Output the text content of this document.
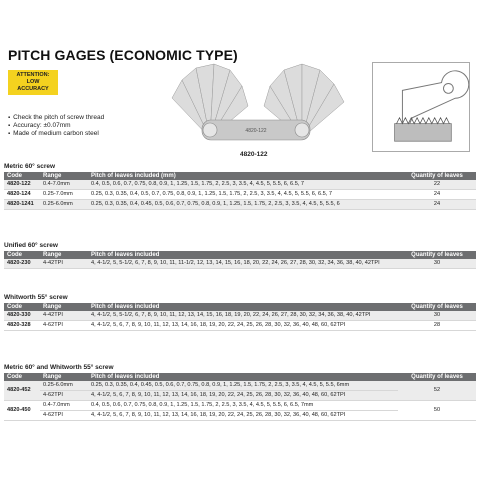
PITCH GAGES (ECONOMIC TYPE)
ATTENTION:
LOW ACCURACY
▪ Check the pitch of screw thread
▪ Accuracy: ±0.07mm
▪ Made of medium carbon steel	4820-122
4820-122
Metric 60° screw
Code	Range	Pitch of leaves included (mm)	Quantity of leaves
4820-122	0.4-7.0mm	0.4, 0.5, 0.6, 0.7, 0.75, 0.8, 0.9, 1, 1.25, 1.5, 1.75, 2, 2.5, 3, 3.5, 4, 4.5, 5, 5.5, 6, 6.5, 7	22
4820-124	0.25-7.0mm	0.25, 0.3, 0.35, 0.4, 0.5, 0.7, 0.75, 0.8, 0.9, 1, 1.25, 1.5, 1.75, 2, 2.5, 3, 3.5, 4, 4.5, 5, 5.5, 6, 6.5, 7	24
4820-1241	0.25-6.0mm	0.25, 0.3, 0.35, 0.4, 0.45, 0.5, 0.6, 0.7, 0.75, 0.8, 0.9, 1, 1.25, 1.5, 1.75, 2, 2.5, 3, 3.5, 4, 4.5, 5, 5.5, 6	24
Unified 60° screw
Code	Range	Pitch of leaves included	Quantity of leaves
4820-230	4-42TPI	4, 4-1/2, 5, 5-1/2, 6, 7, 8, 9, 10, 11, 11-1/2, 12, 13, 14, 15, 16, 18, 20, 22, 24, 26, 27, 28, 30, 32, 34, 36, 38, 40, 42TPI	30
Whitworth 55° screw
Code	Range	Pitch of leaves included	Quantity of leaves
4820-330	4-42TPI	4, 4-1/2, 5, 5-1/2, 6, 7, 8, 9, 10, 11, 12, 13, 14, 15, 16, 18, 19, 20, 22, 24, 26, 27, 28, 30, 32, 34, 36, 38, 40, 42TPI	30
4820-328	4-62TPI	4, 4-1/2, 5, 6, 7, 8, 9, 10, 11, 12, 13, 14, 16, 18, 19, 20, 22, 24, 25, 26, 28, 30, 32, 36, 40, 48, 60, 62TPI	28
Metric 60° and Whitworth 55° screw
Code	Range	Pitch of leaves included	Quantity of leaves
4820-452	0.25-6.0mm	0.25, 0.3, 0.35, 0.4, 0.45, 0.5, 0.6, 0.7, 0.75, 0.8, 0.9, 1, 1.25, 1.5, 1.75, 2, 2.5, 3, 3.5, 4, 4.5, 5, 5.5, 6mm	52
	4-62TPI	4, 4-1/2, 5, 6, 7, 8, 9, 10, 11, 12, 13, 14, 16, 18, 19, 20, 22, 24, 25, 26, 28, 30, 32, 36, 40, 48, 60, 62TPI	
4820-450	0.4-7.0mm	0.4, 0.5, 0.6, 0.7, 0.75, 0.8, 0.9, 1, 1.25, 1.5, 1.75, 2, 2.5, 3, 3.5, 4, 4.5, 5, 5.5, 6, 6.5, 7mm	50
	4-62TPI	4, 4-1/2, 5, 6, 7, 8, 9, 10, 11, 12, 13, 14, 16, 18, 19, 20, 22, 24, 25, 26, 28, 30, 32, 36, 40, 48, 60, 62TPI	
